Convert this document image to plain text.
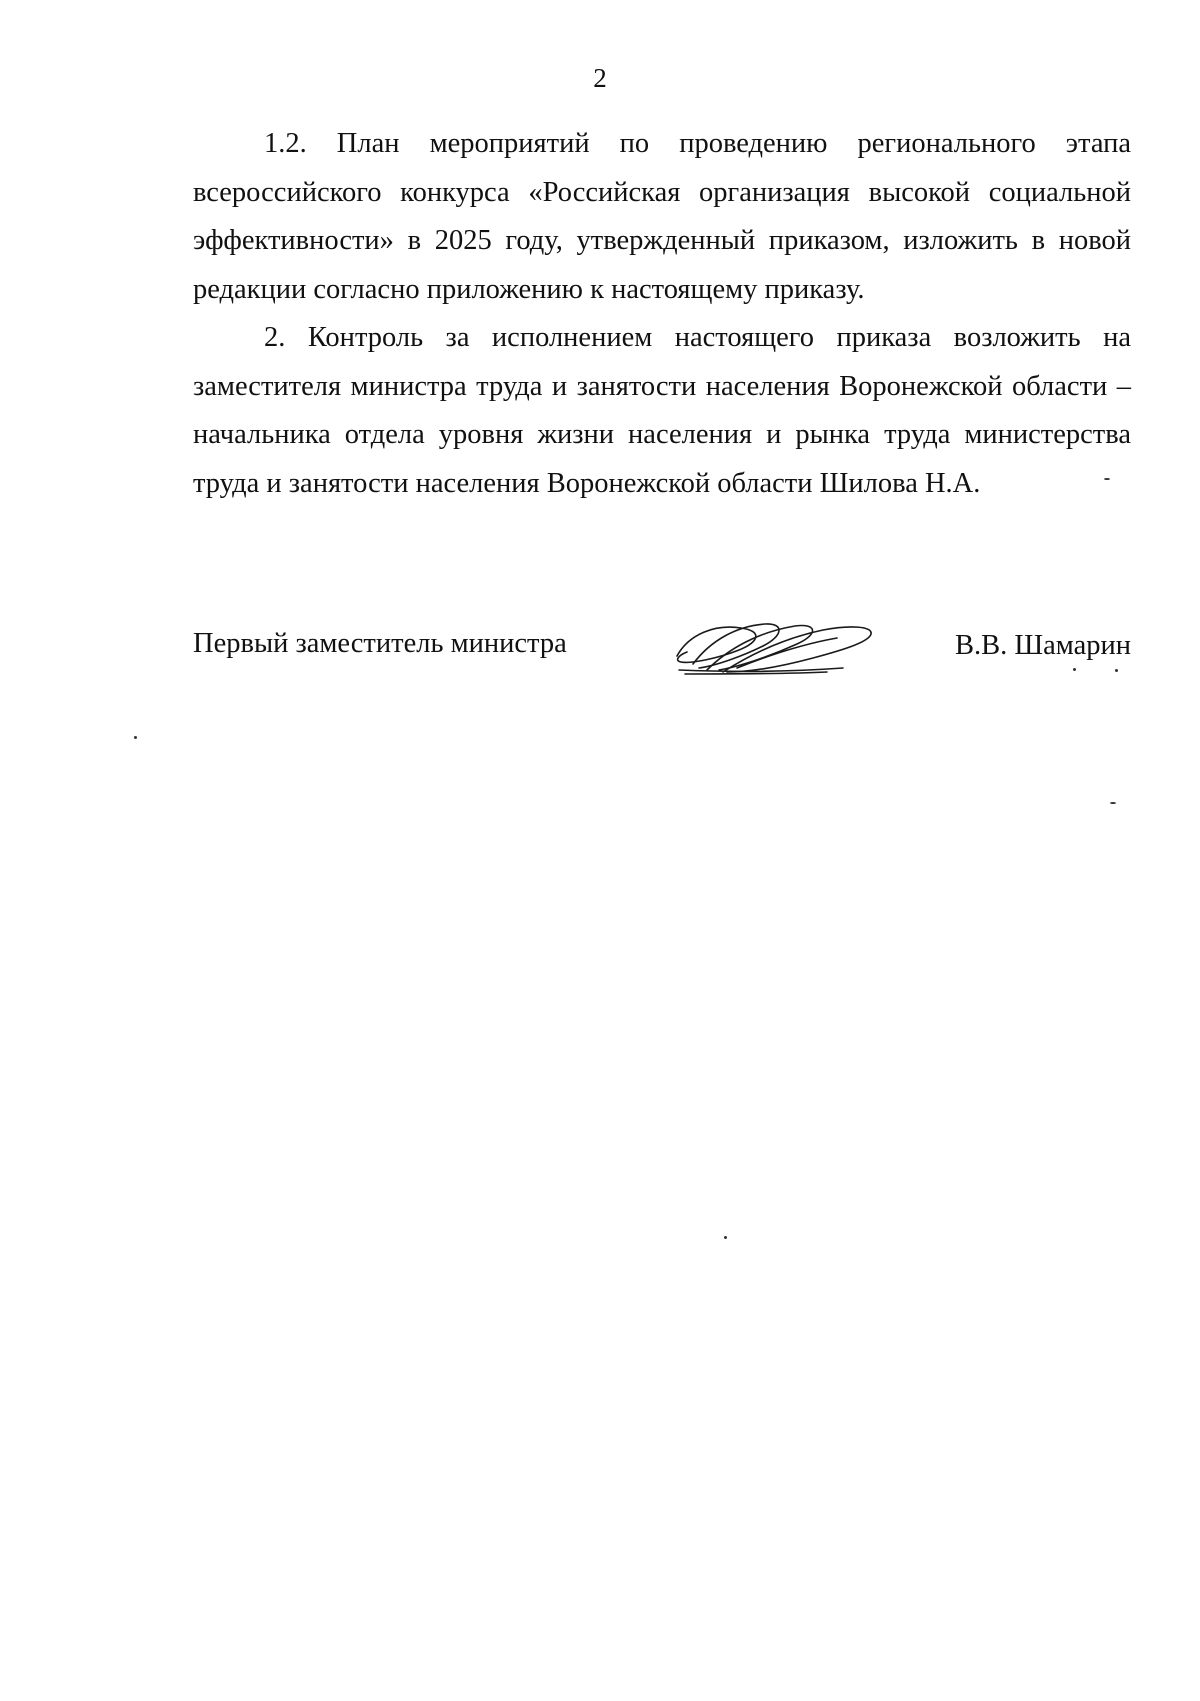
2

1.2. План мероприятий по проведению регионального этапа всероссийского конкурса «Российская организация высокой социальной эффективности» в 2025 году, утвержденный приказом, изложить в новой редакции согласно приложению к настоящему приказу.

2. Контроль за исполнением настоящего приказа возложить на заместителя министра труда и занятости населения Воронежской области – начальника отдела уровня жизни населения и рынка труда министерства труда и занятости населения Воронежской области Шилова Н.А.

Первый заместитель министра	В.В. Шамарин
